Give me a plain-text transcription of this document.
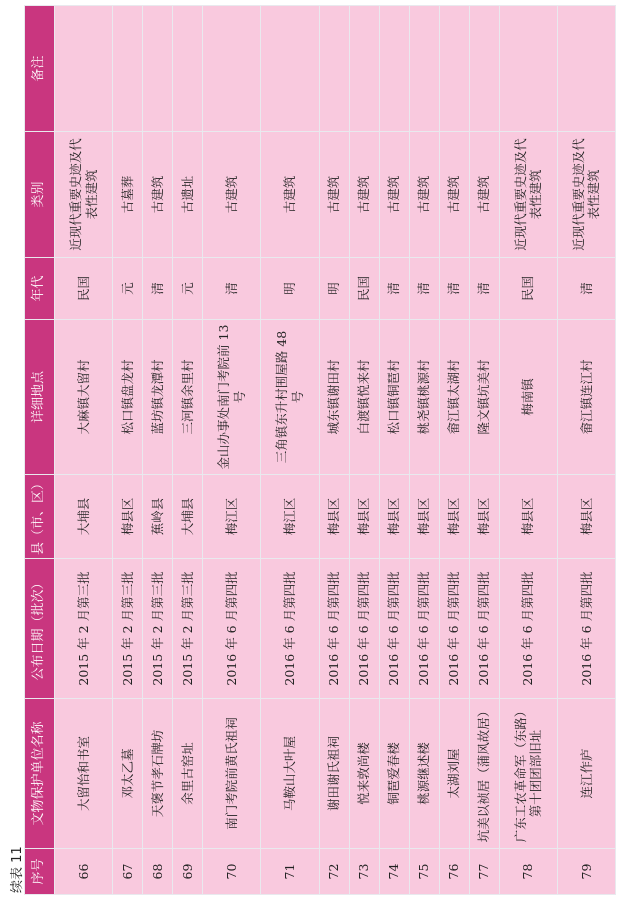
续表 11 序号	文物保护单位名称	公布日期（批次）	县（市、区）	详细地点	年代	类别	备注
66	大留怡和书室	2015 年 2 月第三批	大埔县	大麻镇大留村	民国	近现代重要史迹及代表性建筑	
67	邓太乙墓	2015 年 2 月第三批	梅县区	松口镇盘龙村	元	古墓葬	
68	天褒节孝石牌坊	2015 年 2 月第三批	蕉岭县	蓝坊镇龙潭村	清	古建筑	
69	余里古窑址	2015 年 2 月第三批	大埔县	三河镇余里村	元	古遗址	
70	南门考院前黄氏祖祠	2016 年 6 月第四批	梅江区	金山办事处南门考院前 13 号	清	古建筑	
71	马鞍山大叶屋	2016 年 6 月第四批	梅江区	三角镇东升村围屋路 48 号	明	古建筑	
72	谢田谢氏祖祠	2016 年 6 月第四批	梅县区	城东镇谢田村	明	古建筑	
73	悦来敦尚楼	2016 年 6 月第四批	梅县区	白渡镇悦来村	民国	古建筑	
74	铜琶爱春楼	2016 年 6 月第四批	梅县区	松口镇铜琶村	清	古建筑	
75	桃源继述楼	2016 年 6 月第四批	梅县区	桃尧镇桃源村	清	古建筑	
76	太湖刘屋	2016 年 6 月第四批	梅县区	畲江镇太湖村	清	古建筑	
77	坑美以祯居（蒲风故居）	2016 年 6 月第四批	梅县区	隆文镇坑美村	清	古建筑	
78	广东工农革命军（东路）第十团团部旧址	2016 年 6 月第四批	梅县区	梅南镇	民国	近现代重要史迹及代表性建筑	
79	连江作庐	2016 年 6 月第四批	梅县区	畲江镇连江村	清	近现代重要史迹及代表性建筑	
